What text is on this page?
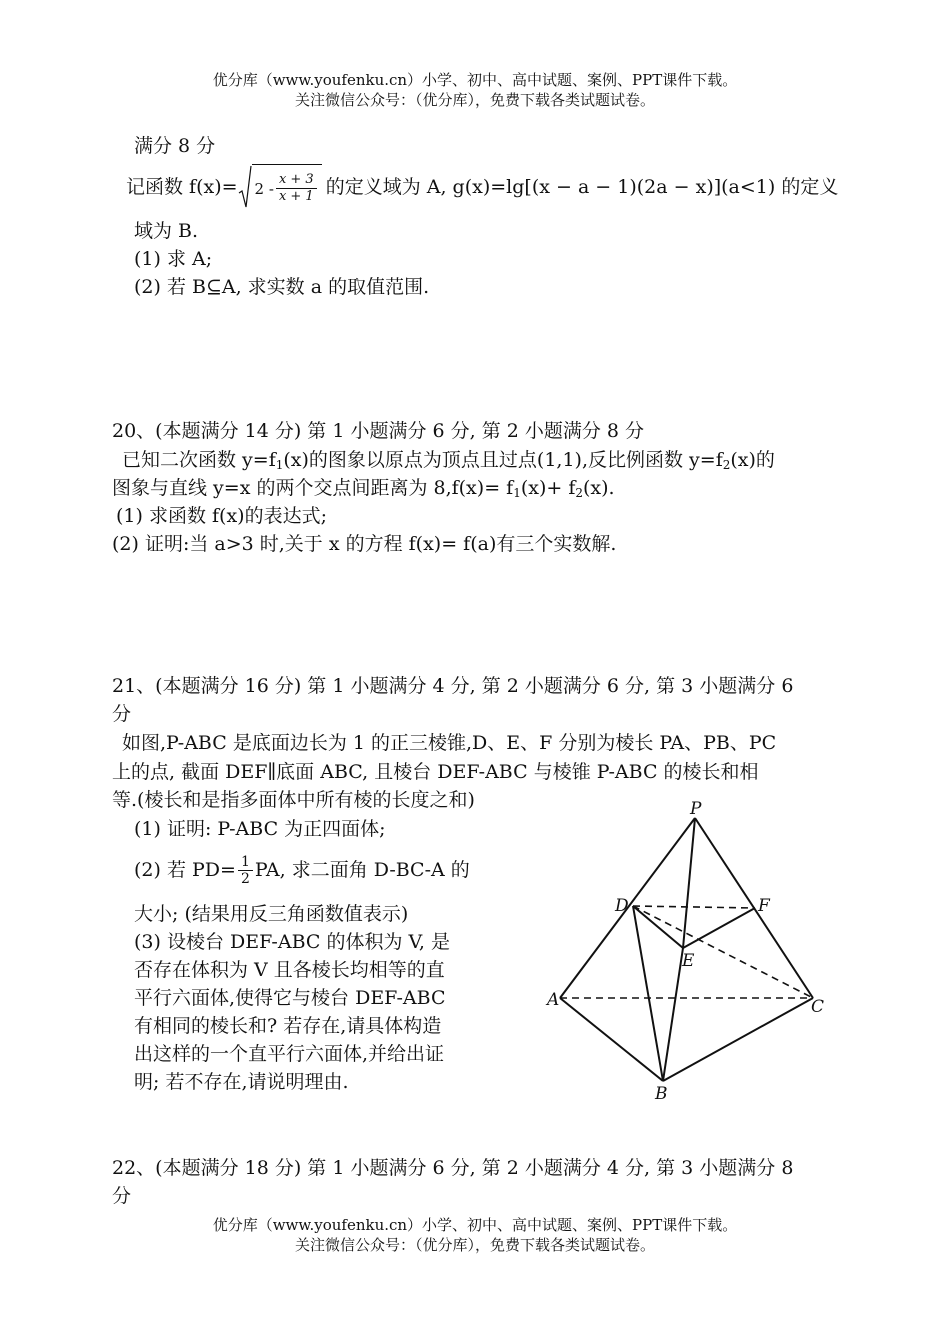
优分库（www.youfenku.cn）小学、初中、高中试题、案例、PPT课件下载。
关注微信公众号：（优分库），免费下载各类试题试卷。
满分 8 分
记函数 $f(x)= 2 - \frac{x + 3}{x + 1}$ 的定义域为 A, g(x)=lg[(x − a − 1)(2a − x)](a<1) 的定义
域为 B.
(1) 求 A;
(2) 若 B⊆A, 求实数 a 的取值范围.
20、(本题满分 14 分) 第 1 小题满分 6 分, 第 2 小题满分 8 分
已知二次函数 $y=f_1(x)$的图象以原点为顶点且过点(1,1),反比例函数 $y=f_2(x)$的
图象与直线 y=x 的两个交点间距离为 $8,f(x)= f_1(x)+ f_2(x)$.
(1) 求函数 f(x)的表达式;
(2) 证明:当 a>3 时,关于 x 的方程 f(x)= f(a)有三个实数解.
21、(本题满分 16 分) 第 1 小题满分 4 分, 第 2 小题满分 6 分, 第 3 小题满分 6
分
如图,P-ABC 是底面边长为 1 的正三棱锥,D、E、F 分别为棱长 PA、PB、PC
上的点, 截面 DEF∥底面 ABC, 且棱台 DEF-ABC 与棱锥 P-ABC 的棱长和相
等.(棱长和是指多面体中所有棱的长度之和)
(1) 证明: P-ABC 为正四面体;
(2) 若 $PD= \frac{1}{2}$ PA, 求二面角 D-BC-A 的
大小; (结果用反三角函数值表示)
(3) 设棱台 DEF-ABC 的体积为 V, 是
否存在体积为 V 且各棱长均相等的直
平行六面体,使得它与棱台 DEF-ABC
有相同的棱长和? 若存在,请具体构造
出这样的一个直平行六面体,并给出证
明; 若不存在,请说明理由.
P
D	F
E
A	C
B
22、(本题满分 18 分) 第 1 小题满分 6 分, 第 2 小题满分 4 分, 第 3 小题满分 8
分
优分库（www.youfenku.cn）小学、初中、高中试题、案例、PPT课件下载。
关注微信公众号：（优分库），免费下载各类试题试卷。
